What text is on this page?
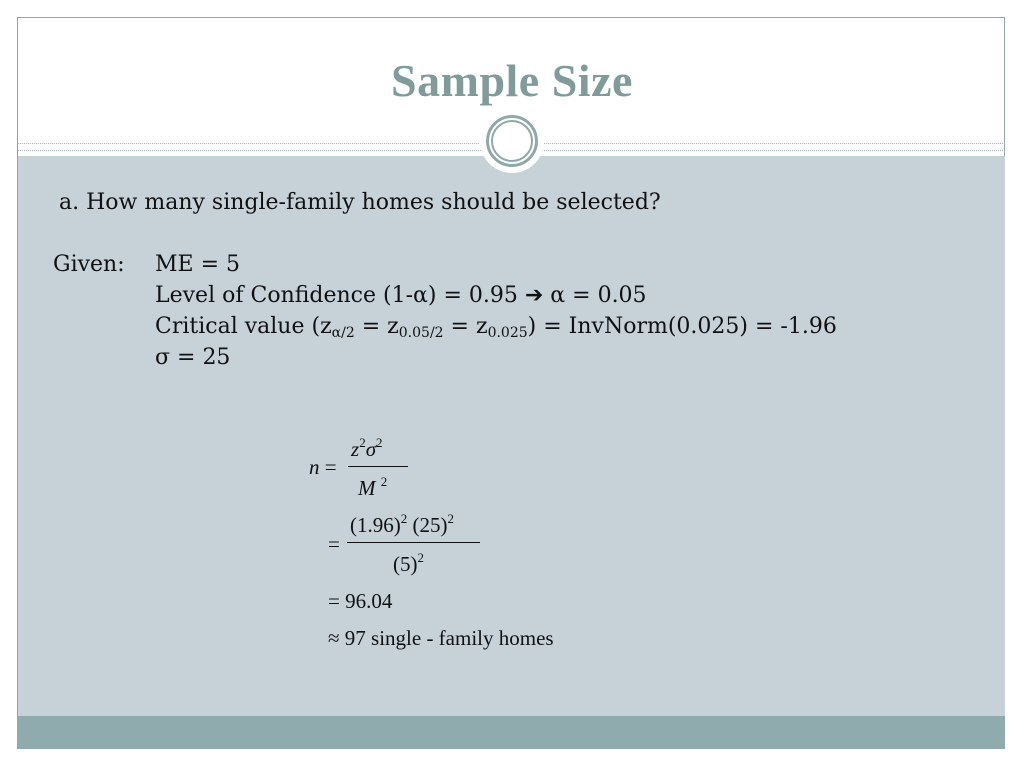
Sample Size
a. How many single-family homes should be selected?
Given: ME = 5
Level of Confidence (1-α) = 0.95 ➔ α = 0.05
Critical value $(z_{\alpha/2} = z_{0.05/2} = z_{0.025})$ = InvNorm(0.025) = -1.96
σ = 25
n =
$z^2\sigma^2$
M $^2$
=
$(1.96)^2$ $(25)^2$
$(5)^2$
= 96.04
≈ 97 single - family homes
